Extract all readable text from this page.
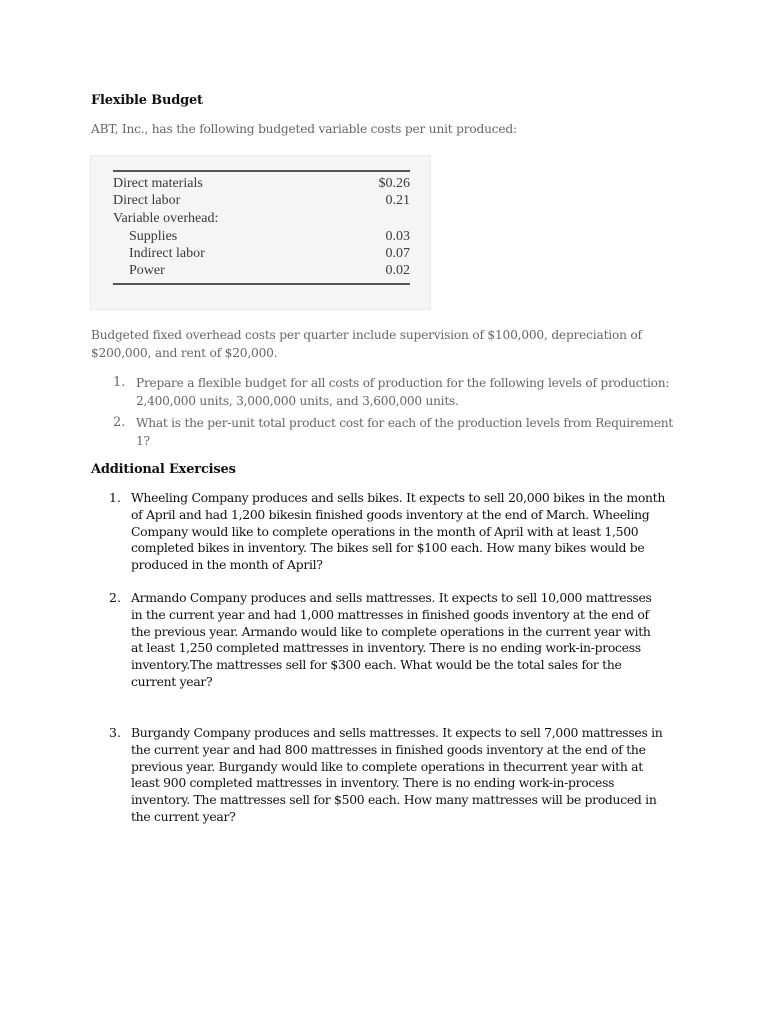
Flexible Budget
ABT, Inc., has the following budgeted variable costs per unit produced:
Direct materials	$0.26
Direct labor	0.21
Variable overhead:
Supplies	0.03
Indirect labor	0.07
Power	0.02
Budgeted fixed overhead costs per quarter include supervision of $100,000, depreciation of
$200,000, and rent of $20,000.
1. Prepare a flexible budget for all costs of production for the following levels of production:
2,400,000 units, 3,000,000 units, and 3,600,000 units.
2. What is the per-unit total product cost for each of the production levels from Requirement
1?
Additional Exercises
1. Wheeling Company produces and sells bikes. It expects to sell 20,000 bikes in the month
of April and had 1,200 bikesin finished goods inventory at the end of March. Wheeling
Company would like to complete operations in the month of April with at least 1,500
completed bikes in inventory. The bikes sell for $100 each. How many bikes would be
produced in the month of April?
2. Armando Company produces and sells mattresses. It expects to sell 10,000 mattresses
in the current year and had 1,000 mattresses in finished goods inventory at the end of
the previous year. Armando would like to complete operations in the current year with
at least 1,250 completed mattresses in inventory. There is no ending work-in-process
inventory.The mattresses sell for $300 each. What would be the total sales for the
current year?
3. Burgandy Company produces and sells mattresses. It expects to sell 7,000 mattresses in
the current year and had 800 mattresses in finished goods inventory at the end of the
previous year. Burgandy would like to complete operations in thecurrent year with at
least 900 completed mattresses in inventory. There is no ending work-in-process
inventory. The mattresses sell for $500 each. How many mattresses will be produced in
the current year?
